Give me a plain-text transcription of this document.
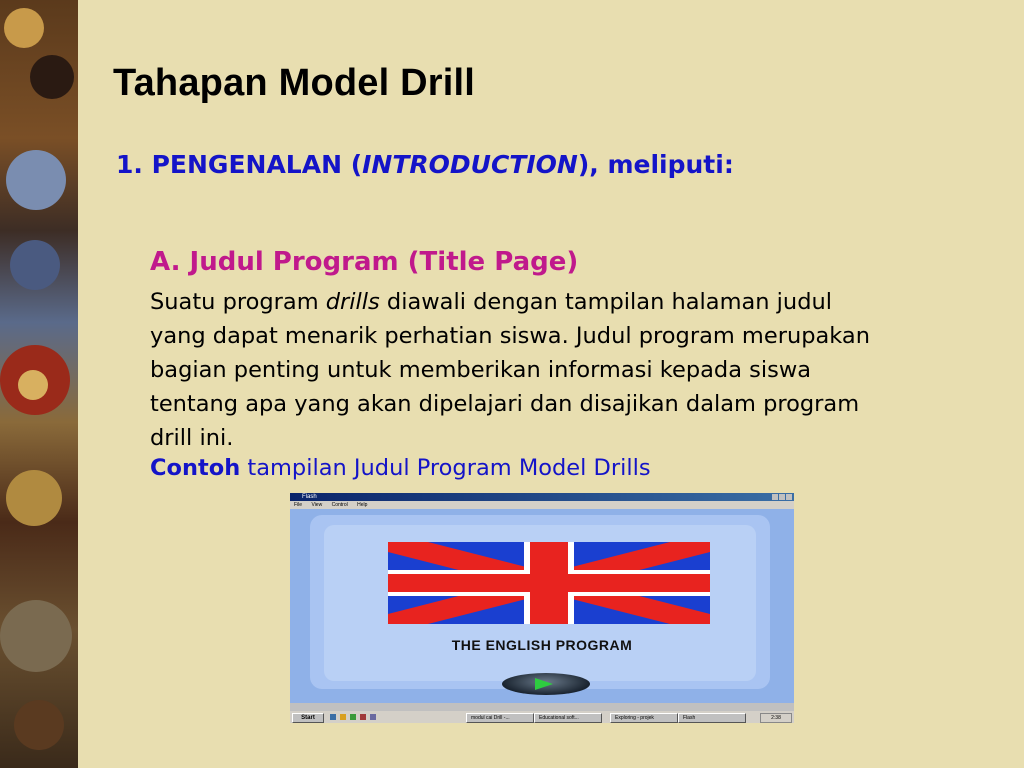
Tahapan Model Drill
1. PENGENALAN (INTRODUCTION), meliputi:
A. Judul Program (Title Page)

Suatu program drills diawali dengan tampilan halaman judul

yang dapat menarik perhatian siswa. Judul program merupakan

bagian penting untuk memberikan informasi kepada siswa

tentang apa yang akan dipelajari dan disajikan dalam program

drill ini.

Contoh tampilan Judul Program Model Drills
Flash
File View Control Help
THE ENGLISH PROGRAM
Start	modul cai Drill -...	Educational soft...	Exploring - projek	Flash	2:38
